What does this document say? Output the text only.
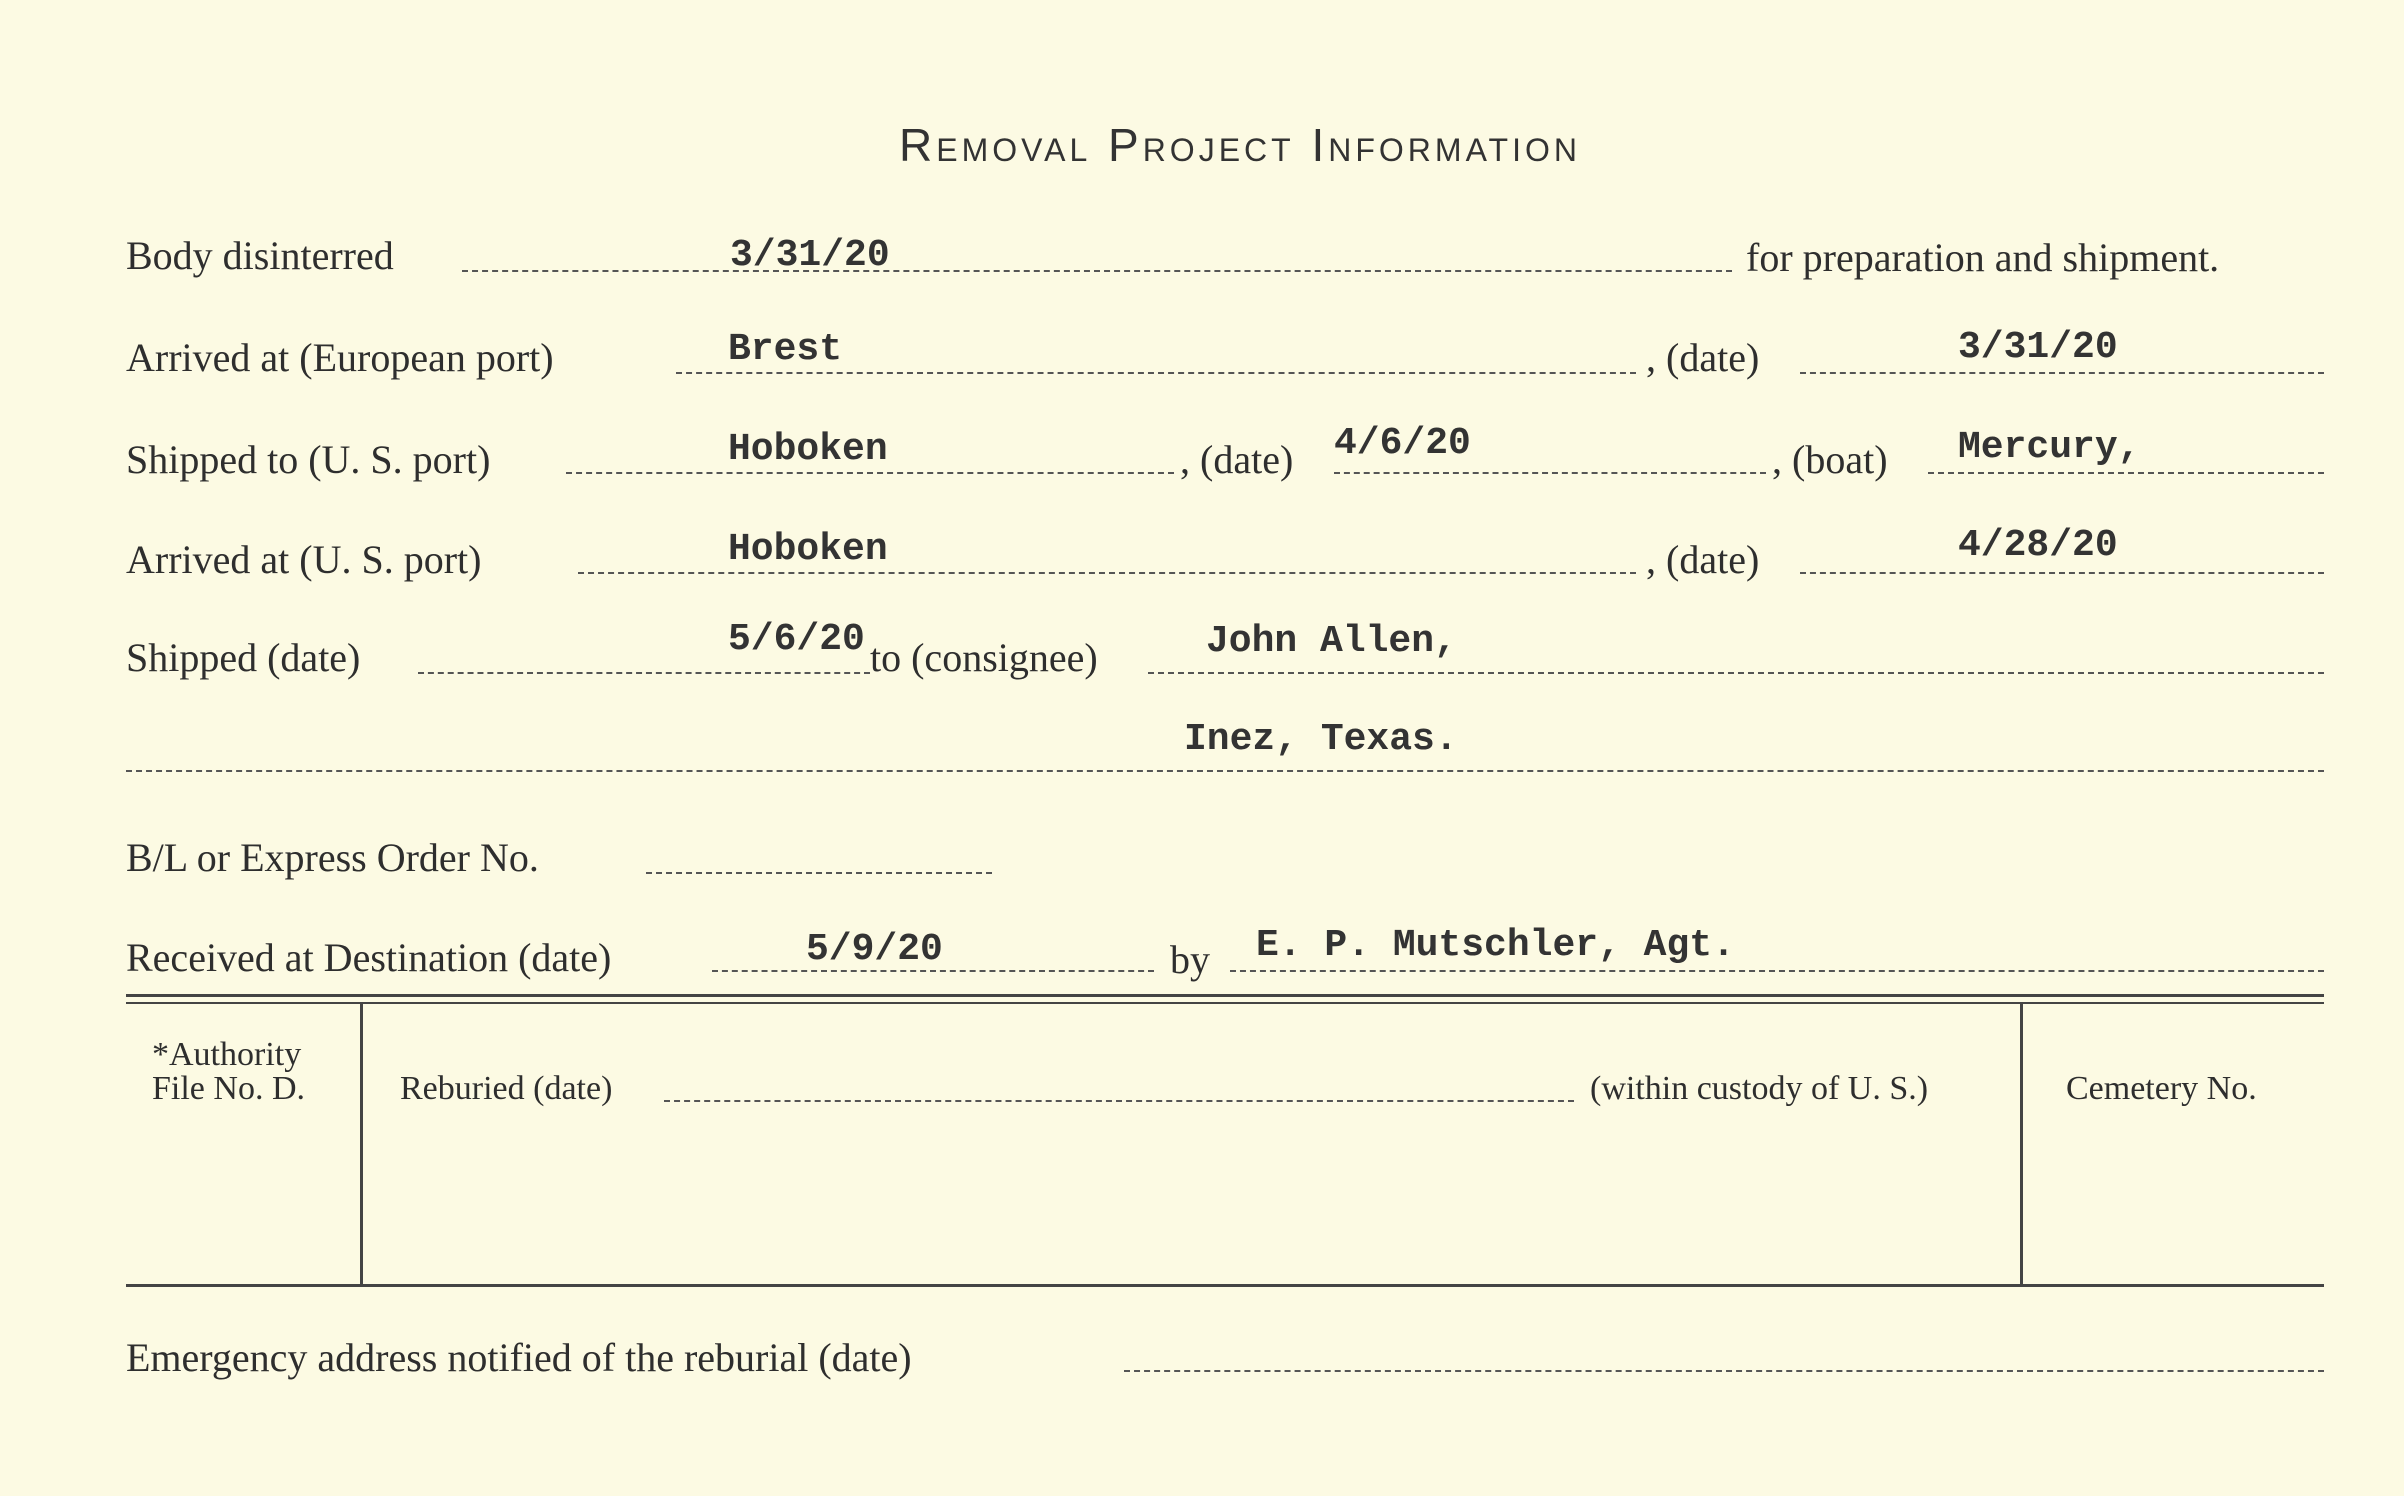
Removal Project Information
Body disinterred	3/31/20	for preparation and shipment.
Arrived at (European port)	Brest	, (date)	3/31/20
Shipped to (U. S. port)	Hoboken	, (date) 4/6/20	, (boat) Mercury,
Arrived at (U. S. port)	Hoboken	, (date)	4/28/20
Shipped (date)	5/6/20 to (consignee)	John Allen,
Inez, Texas.
B/L or Express Order No.
Received at Destination (date)	5/9/20	by E. P. Mutschler, Agt.
*Authority
File No. D.	Reburied (date)	(within custody of U. S.)	Cemetery No.
Emergency address notified of the reburial (date)
